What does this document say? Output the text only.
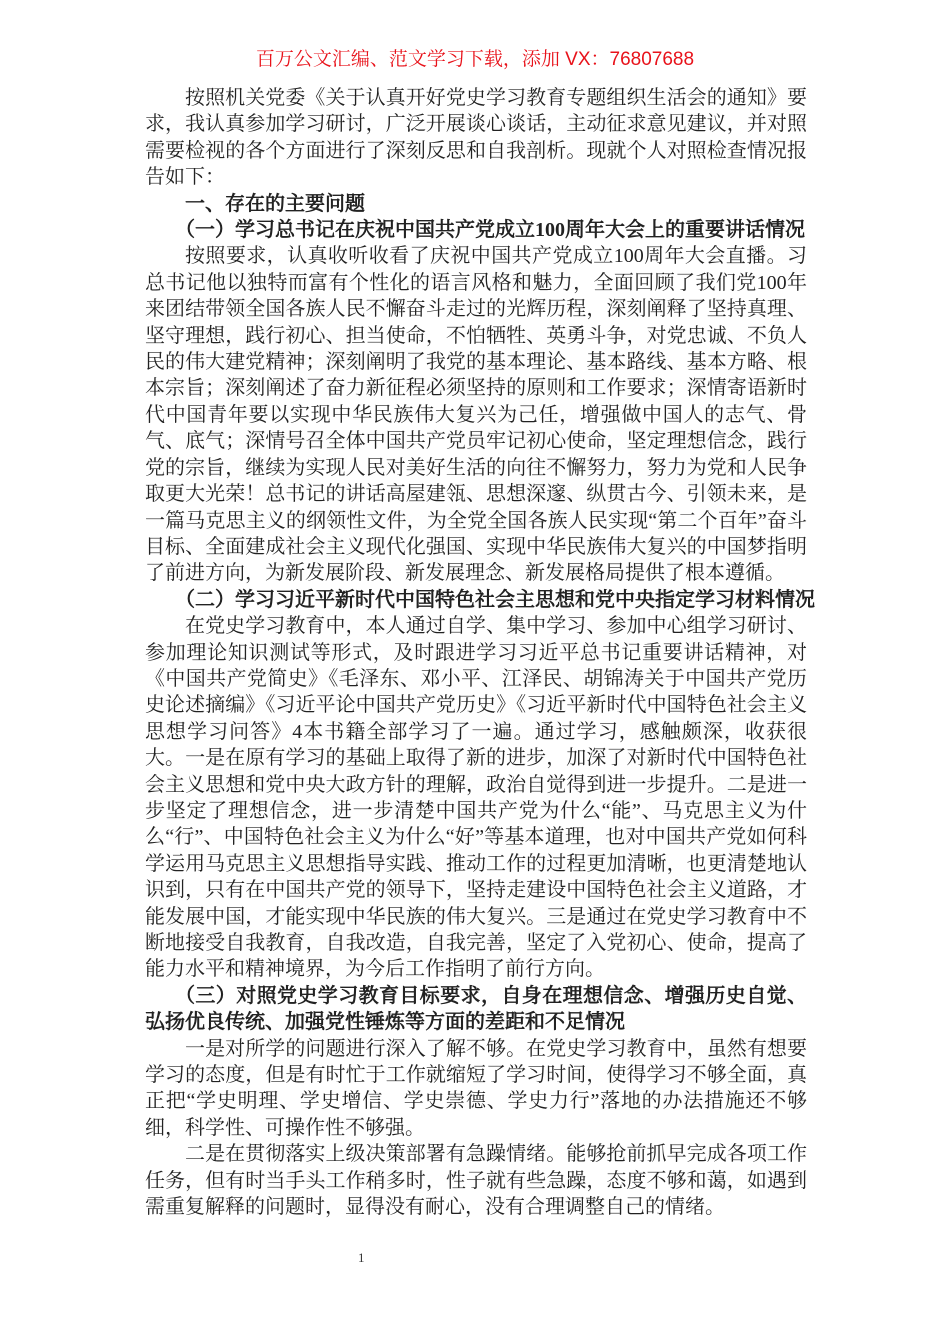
百万公文汇编、范文学习下载，添加 VX：76807688

按照机关党委《关于认真开好党史学习教育专题组织生活会的通知》要求，我认真参加学习研讨，广泛开展谈心谈话，主动征求意见建议，并对照需要检视的各个方面进行了深刻反思和自我剖析。现就个人对照检查情况报告如下：

一、存在的主要问题

（一）学习总书记在庆祝中国共产党成立100周年大会上的重要讲话情况

按照要求，认真收听收看了庆祝中国共产党成立100周年大会直播。习总书记他以独特而富有个性化的语言风格和魅力，全面回顾了我们党100年来团结带领全国各族人民不懈奋斗走过的光辉历程，深刻阐释了坚持真理、坚守理想，践行初心、担当使命，不怕牺牲、英勇斗争，对党忠诚、不负人民的伟大建党精神；深刻阐明了我党的基本理论、基本路线、基本方略、根本宗旨；深刻阐述了奋力新征程必须坚持的原则和工作要求；深情寄语新时代中国青年要以实现中华民族伟大复兴为己任，增强做中国人的志气、骨气、底气；深情号召全体中国共产党员牢记初心使命，坚定理想信念，践行党的宗旨，继续为实现人民对美好生活的向往不懈努力，努力为党和人民争取更大光荣！总书记的讲话高屋建瓴、思想深邃、纵贯古今、引领未来，是一篇马克思主义的纲领性文件，为全党全国各族人民实现“第二个百年”奋斗目标、全面建成社会主义现代化强国、实现中华民族伟大复兴的中国梦指明了前进方向，为新发展阶段、新发展理念、新发展格局提供了根本遵循。

（二）学习习近平新时代中国特色社会主思想和党中央指定学习材料情况

在党史学习教育中，本人通过自学、集中学习、参加中心组学习研讨、参加理论知识测试等形式，及时跟进学习习近平总书记重要讲话精神，对《中国共产党简史》《毛泽东、邓小平、江泽民、胡锦涛关于中国共产党历史论述摘编》《习近平论中国共产党历史》《习近平新时代中国特色社会主义思想学习问答》4本书籍全部学习了一遍。通过学习，感触颇深，收获很大。一是在原有学习的基础上取得了新的进步，加深了对新时代中国特色社会主义思想和党中央大政方针的理解，政治自觉得到进一步提升。二是进一步坚定了理想信念，进一步清楚中国共产党为什么“能”、马克思主义为什么“行”、中国特色社会主义为什么“好”等基本道理，也对中国共产党如何科学运用马克思主义思想指导实践、推动工作的过程更加清晰，也更清楚地认识到，只有在中国共产党的领导下，坚持走建设中国特色社会主义道路，才能发展中国，才能实现中华民族的伟大复兴。三是通过在党史学习教育中不断地接受自我教育，自我改造，自我完善，坚定了入党初心、使命，提高了能力水平和精神境界，为今后工作指明了前行方向。

（三）对照党史学习教育目标要求，自身在理想信念、增强历史自觉、弘扬优良传统、加强党性锤炼等方面的差距和不足情况

一是对所学的问题进行深入了解不够。在党史学习教育中，虽然有想要学习的态度，但是有时忙于工作就缩短了学习时间，使得学习不够全面，真正把“学史明理、学史增信、学史崇德、学史力行”落地的办法措施还不够细，科学性、可操作性不够强。

二是在贯彻落实上级决策部署有急躁情绪。能够抢前抓早完成各项工作任务，但有时当手头工作稍多时，性子就有些急躁，态度不够和蔼，如遇到需重复解释的问题时，显得没有耐心，没有合理调整自己的情绪。

1
